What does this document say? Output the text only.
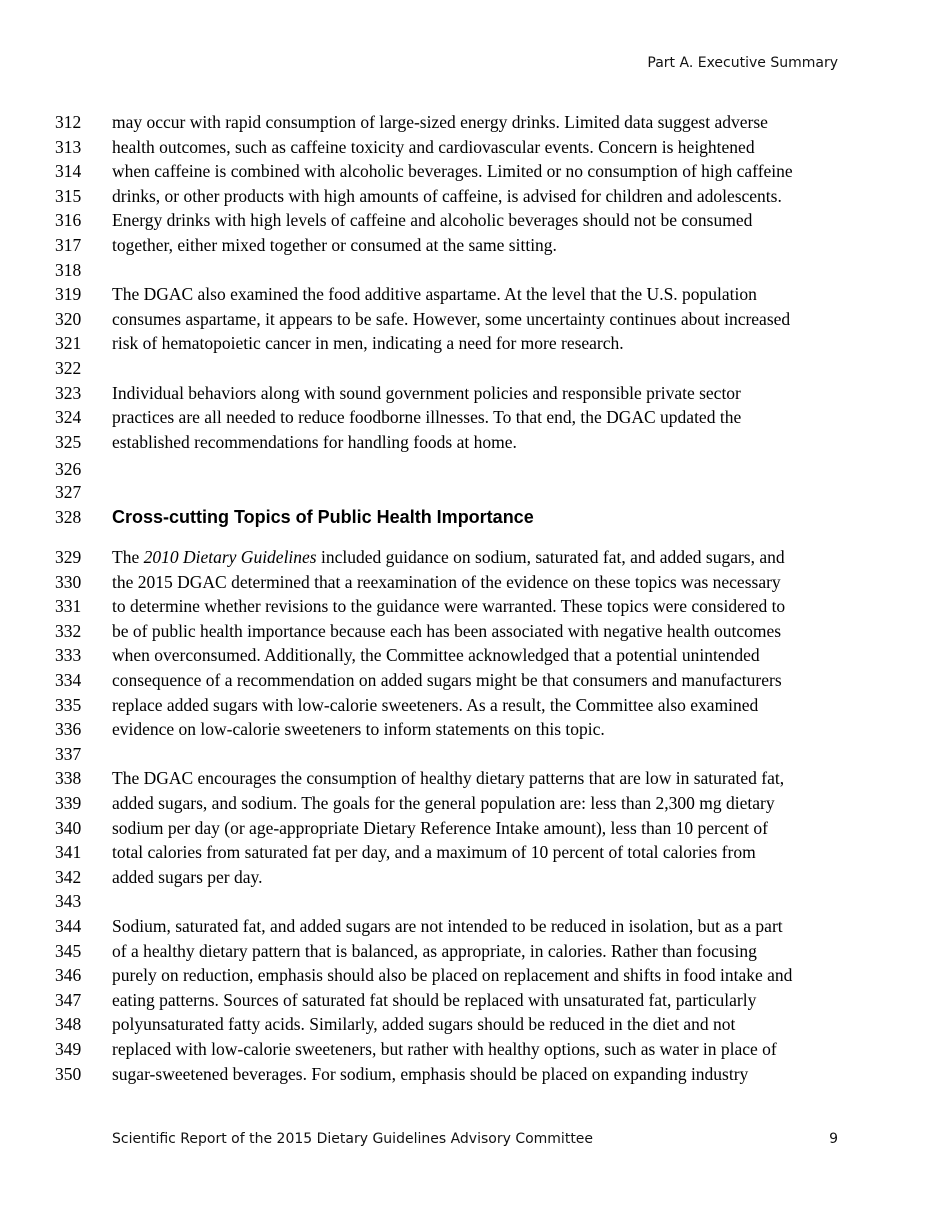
Part A. Executive Summary
312	may occur with rapid consumption of large-sized energy drinks. Limited data suggest adverse
313	health outcomes, such as caffeine toxicity and cardiovascular events. Concern is heightened
314	when caffeine is combined with alcoholic beverages. Limited or no consumption of high caffeine
315	drinks, or other products with high amounts of caffeine, is advised for children and adolescents.
316	Energy drinks with high levels of caffeine and alcoholic beverages should not be consumed
317	together, either mixed together or consumed at the same sitting.
318
319	The DGAC also examined the food additive aspartame. At the level that the U.S. population
320	consumes aspartame, it appears to be safe. However, some uncertainty continues about increased
321	risk of hematopoietic cancer in men, indicating a need for more research.
322
323	Individual behaviors along with sound government policies and responsible private sector
324	practices are all needed to reduce foodborne illnesses. To that end, the DGAC updated the
325	established recommendations for handling foods at home.
326
327
328	Cross-cutting Topics of Public Health Importance
329	The 2010 Dietary Guidelines included guidance on sodium, saturated fat, and added sugars, and
330	the 2015 DGAC determined that a reexamination of the evidence on these topics was necessary
331	to determine whether revisions to the guidance were warranted. These topics were considered to
332	be of public health importance because each has been associated with negative health outcomes
333	when overconsumed. Additionally, the Committee acknowledged that a potential unintended
334	consequence of a recommendation on added sugars might be that consumers and manufacturers
335	replace added sugars with low-calorie sweeteners. As a result, the Committee also examined
336	evidence on low-calorie sweeteners to inform statements on this topic.
337
338	The DGAC encourages the consumption of healthy dietary patterns that are low in saturated fat,
339	added sugars, and sodium. The goals for the general population are: less than 2,300 mg dietary
340	sodium per day (or age-appropriate Dietary Reference Intake amount), less than 10 percent of
341	total calories from saturated fat per day, and a maximum of 10 percent of total calories from
342	added sugars per day.
343
344	Sodium, saturated fat, and added sugars are not intended to be reduced in isolation, but as a part
345	of a healthy dietary pattern that is balanced, as appropriate, in calories. Rather than focusing
346	purely on reduction, emphasis should also be placed on replacement and shifts in food intake and
347	eating patterns. Sources of saturated fat should be replaced with unsaturated fat, particularly
348	polyunsaturated fatty acids. Similarly, added sugars should be reduced in the diet and not
349	replaced with low-calorie sweeteners, but rather with healthy options, such as water in place of
350	sugar-sweetened beverages. For sodium, emphasis should be placed on expanding industry
Scientific Report of the 2015 Dietary Guidelines Advisory Committee	9
